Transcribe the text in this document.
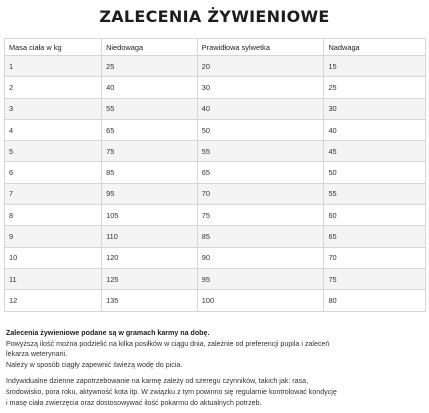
ZALECENIA ŻYWIENIOWE
Masa ciała w kg	Niedowaga	Prawidłowa sylwetka	Nadwaga
1	25	20	15
2	40	30	25
3	55	40	30
4	65	50	40
5	75	55	45
6	85	65	50
7	95	70	55
8	105	75	60
9	110	85	65
10	120	90	70
11	125	95	75
12	135	100	80

Zalecenia żywieniowe podane są w gramach karmy na dobę.

Powyższą ilość można podzielić na kilka posiłków w ciągu dnia, zależnie od preferencji pupila i zaleceń

lekarza weterynarii.

Należy w sposób ciągły zapewnić świeżą wodę do picia.

Indywidualne dzienne zapotrzebowanie na karmę zależy od szeregu czynników, takich jak: rasa,

środowisko, pora roku, aktywność kota itp. W związku z tym powinno się regularnie kontrolować kondycję

i masę ciała zwierzęcia oraz dostosowywać ilość pokarmu do aktualnych potrzeb.
